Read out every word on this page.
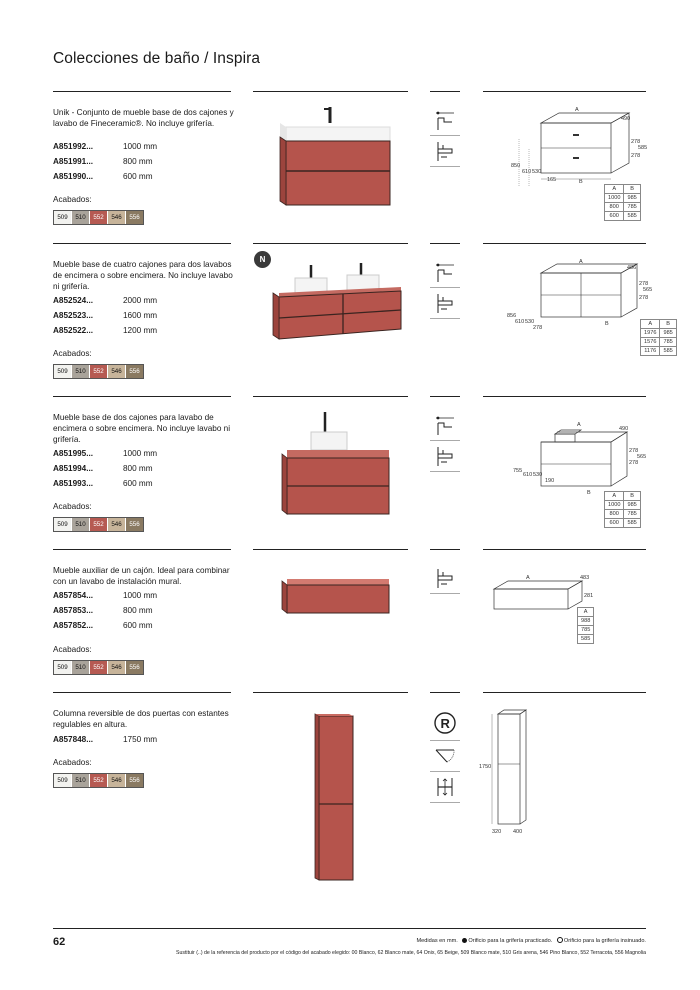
Colecciones de baño / Inspira
Unik - Conjunto de mueble base de dos cajones y lavabo de Fineceramic®. No incluye grifería.
A851992...	1000 mm
A851991...	800 mm
A851990...	600 mm
Acabados:
509	510	552	546	556
A
490
278
585
278
850
610 530
165	B
A	B
1000	985
800	785
600	585
Mueble base de cuatro cajones para dos lavabos de encimera o sobre encimera. No incluye lavabo ni grifería.
A852524...	2000 mm
A852523...	1600 mm
A852522...	1200 mm
Acabados:
509	510	552	546	556
N	A
486
278
565
278
856
610 530
278
B	A	B
1976	985
1576	785
1176	585
Mueble base de dos cajones para lavabo de encimera o sobre encimera. No incluye lavabo ni grifería.
A851995...	1000 mm
A851994...	800 mm
A851993...	600 mm
Acabados:
509	510	552	546	556
A
490
278
565
278
755
610 530
190
B	A	B
1000	985
800	785
600	585
Mueble auxiliar de un cajón. Ideal para combinar con un lavabo de instalación mural.
A857854...	1000 mm
A857853...	800 mm
A857852...	600 mm
Acabados:
509	510	552	546	556
A	483
281
A
988
785
585
Columna reversible de dos puertas con estantes regulables en altura.
A857848...	1750 mm
Acabados:
509	510	552	546	556
R
1750
320 400
62	Medidas en mm. Orificio para la grifería practicado. Orificio para la grifería insinuado.
Sustituir (..) de la referencia del producto por el código del acabado elegido: 00 Blanco, 62 Blanco mate, 64 Onix, 65 Beige, 509 Blanco mate, 510 Gris arena, 546 Pino Blanco, 552 Terracota, 556 Magnolia
